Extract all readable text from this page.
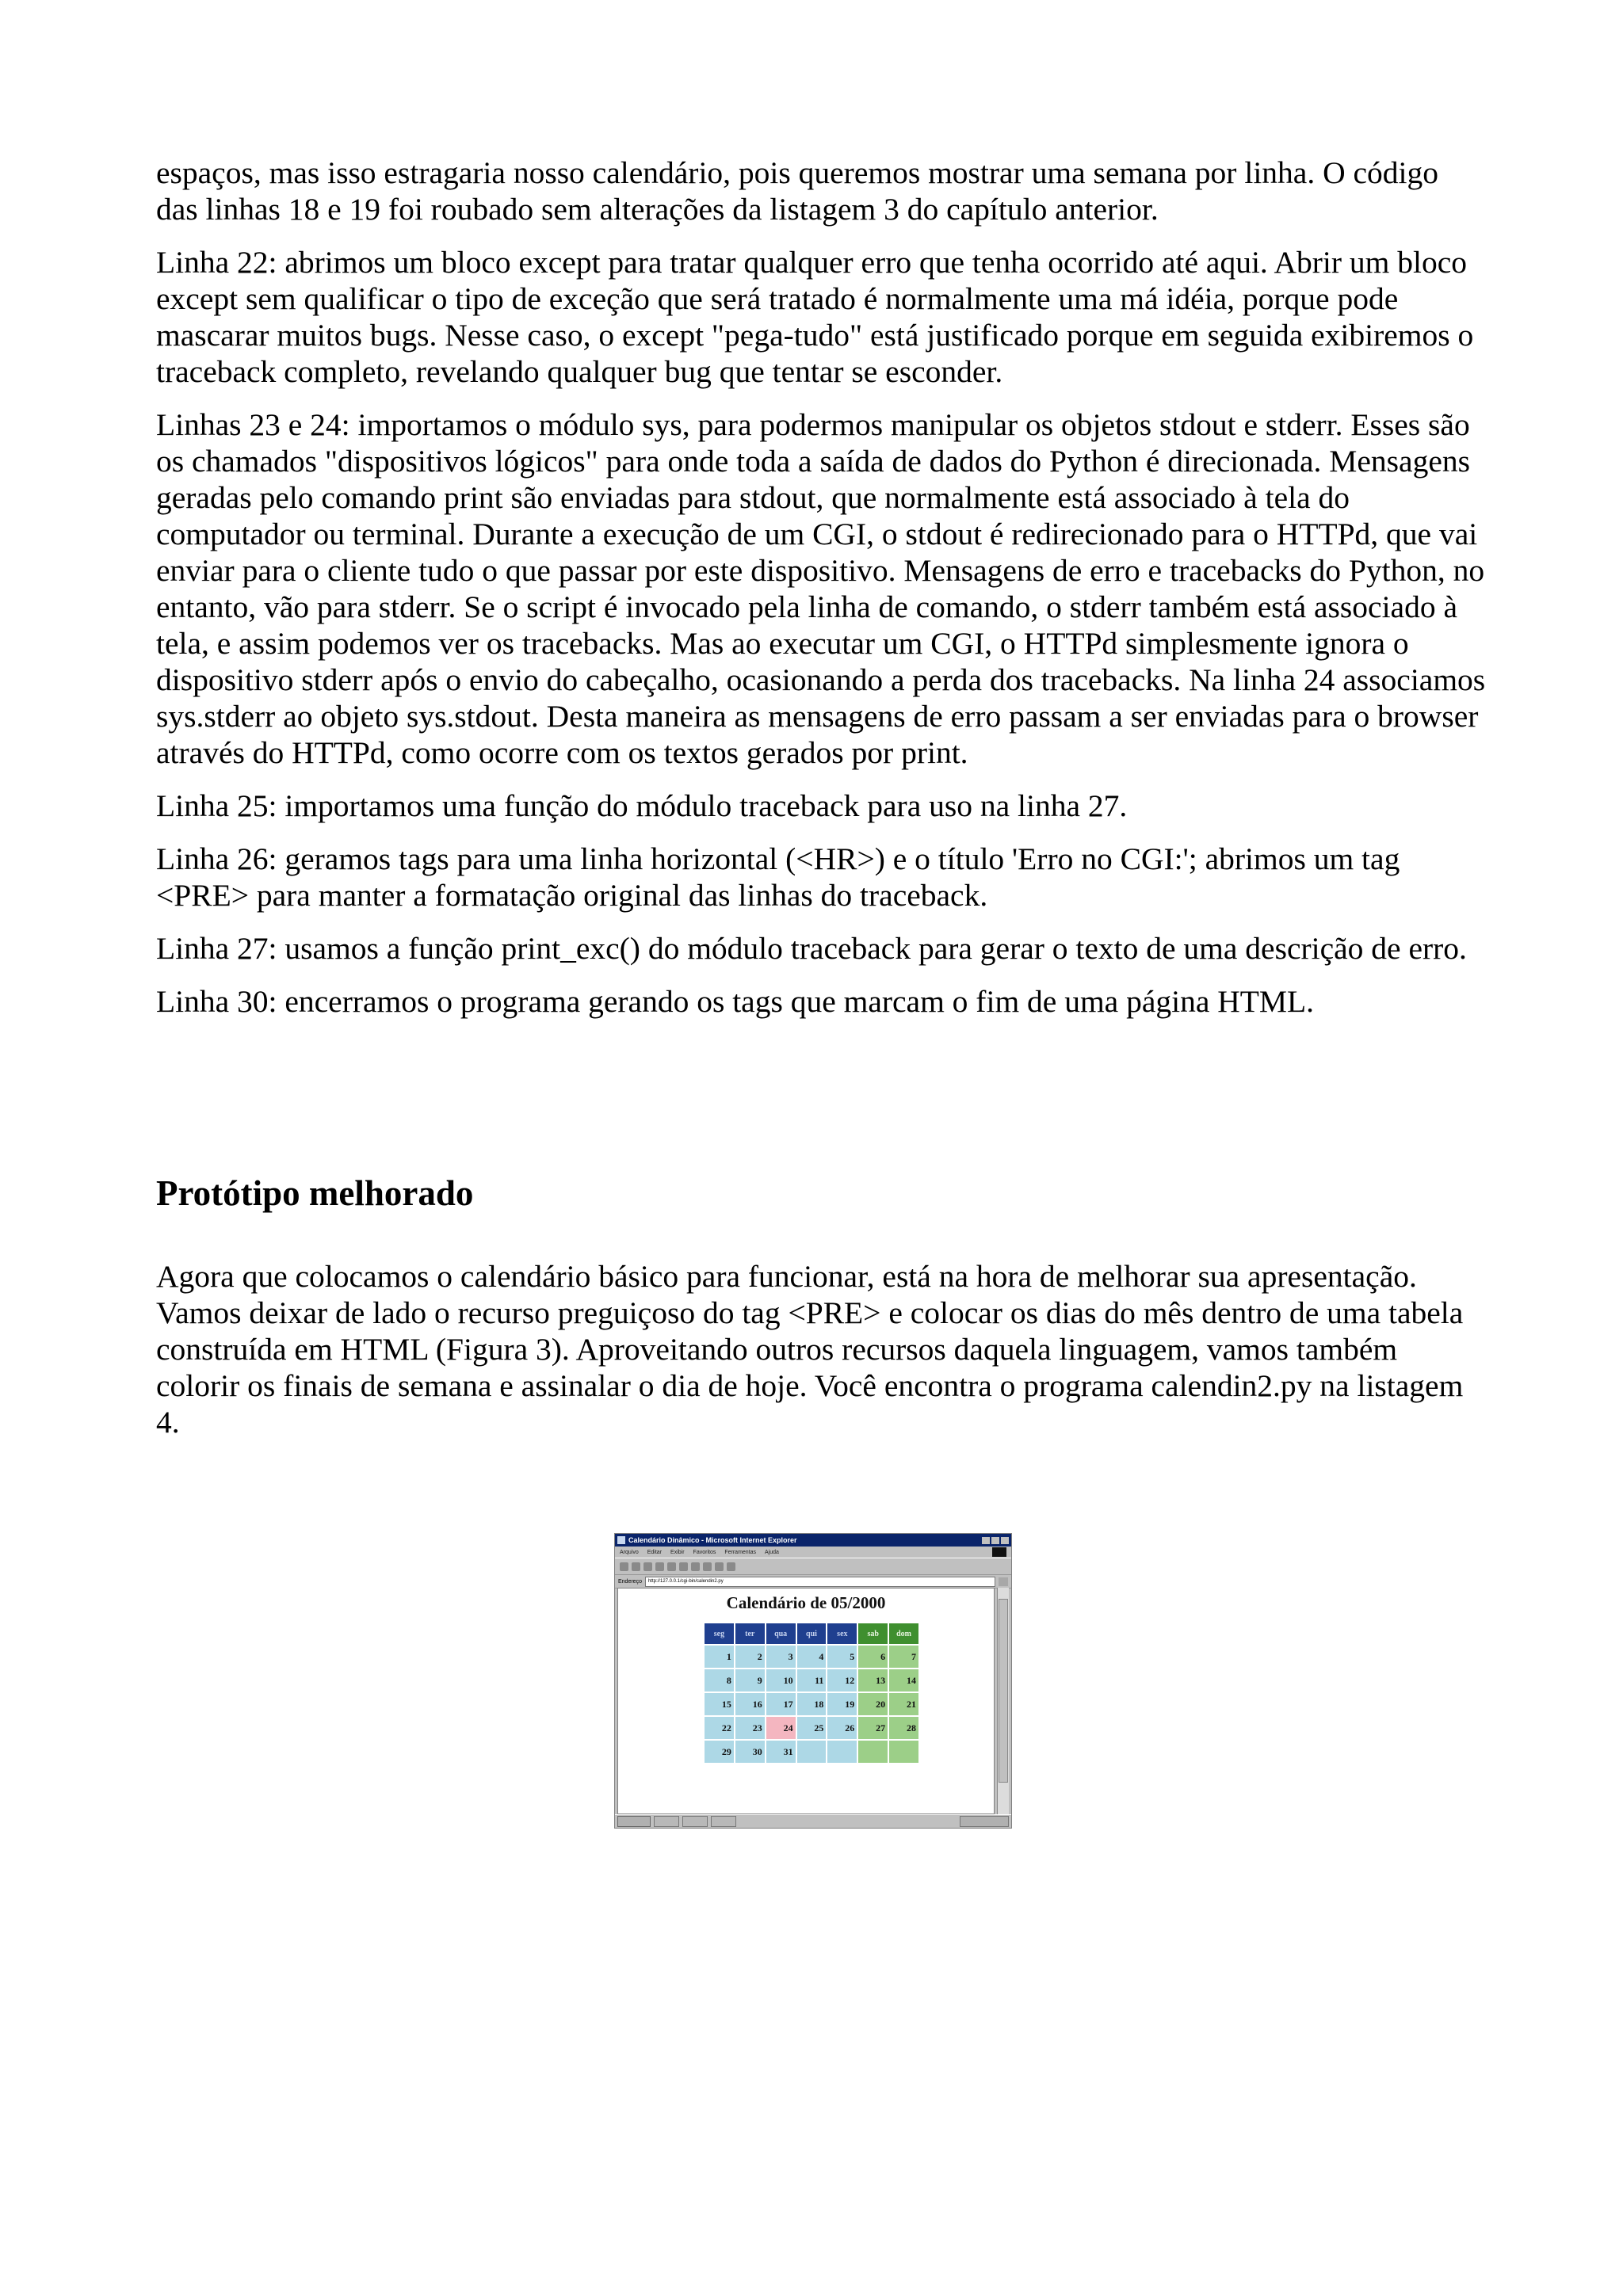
espaços, mas isso estragaria nosso calendário, pois queremos mostrar uma semana por linha. O código das linhas 18 e 19 foi roubado sem alterações da listagem 3 do capítulo anterior.

Linha 22: abrimos um bloco except para tratar qualquer erro que tenha ocorrido até aqui. Abrir um bloco except sem qualificar o tipo de exceção que será tratado é normalmente uma má idéia, porque pode mascarar muitos bugs. Nesse caso, o except "pega-tudo" está justificado porque em seguida exibiremos o traceback completo, revelando qualquer bug que tentar se esconder.

Linhas 23 e 24: importamos o módulo sys, para podermos manipular os objetos stdout e stderr. Esses são os chamados "dispositivos lógicos" para onde toda a saída de dados do Python é direcionada. Mensagens geradas pelo comando print são enviadas para stdout, que normalmente está associado à tela do computador ou terminal. Durante a execução de um CGI, o stdout é redirecionado para o HTTPd, que vai enviar para o cliente tudo o que passar por este dispositivo. Mensagens de erro e tracebacks do Python, no entanto, vão para stderr. Se o script é invocado pela linha de comando, o stderr também está associado à tela, e assim podemos ver os tracebacks. Mas ao executar um CGI, o HTTPd simplesmente ignora o dispositivo stderr após o envio do cabeçalho, ocasionando a perda dos tracebacks. Na linha 24 associamos sys.stderr ao objeto sys.stdout. Desta maneira as mensagens de erro passam a ser enviadas para o browser através do HTTPd, como ocorre com os textos gerados por print.

Linha 25: importamos uma função do módulo traceback para uso na linha 27.

Linha 26: geramos tags para uma linha horizontal (<HR>) e o título 'Erro no CGI:'; abrimos um tag <PRE> para manter a formatação original das linhas do traceback.

Linha 27: usamos a função print_exc() do módulo traceback para gerar o texto de uma descrição de erro.

Linha 30: encerramos o programa gerando os tags que marcam o fim de uma página HTML.

Protótipo melhorado

Agora que colocamos o calendário básico para funcionar, está na hora de melhorar sua apresentação. Vamos deixar de lado o recurso preguiçoso do tag <PRE> e colocar os dias do mês dentro de uma tabela construída em HTML (Figura 3). Aproveitando outros recursos daquela linguagem, vamos também colorir os finais de semana e assinalar o dia de hoje. Você encontra o programa calendin2.py na listagem 4.

Calendário Dinâmico - Microsoft Internet Explorer
Arquivo Editar Exibir Favoritos Ferramentas Ajuda
Endereço	http://127.0.0.1/cgi-bin/calendin2.py
Calendário de 05/2000
seg	ter	qua	qui	sex	sab	dom
1	2	3	4	5	6	7
8	9	10	11	12	13	14
15	16	17	18	19	20	21
22	23	24	25	26	27	28
29	30	31
